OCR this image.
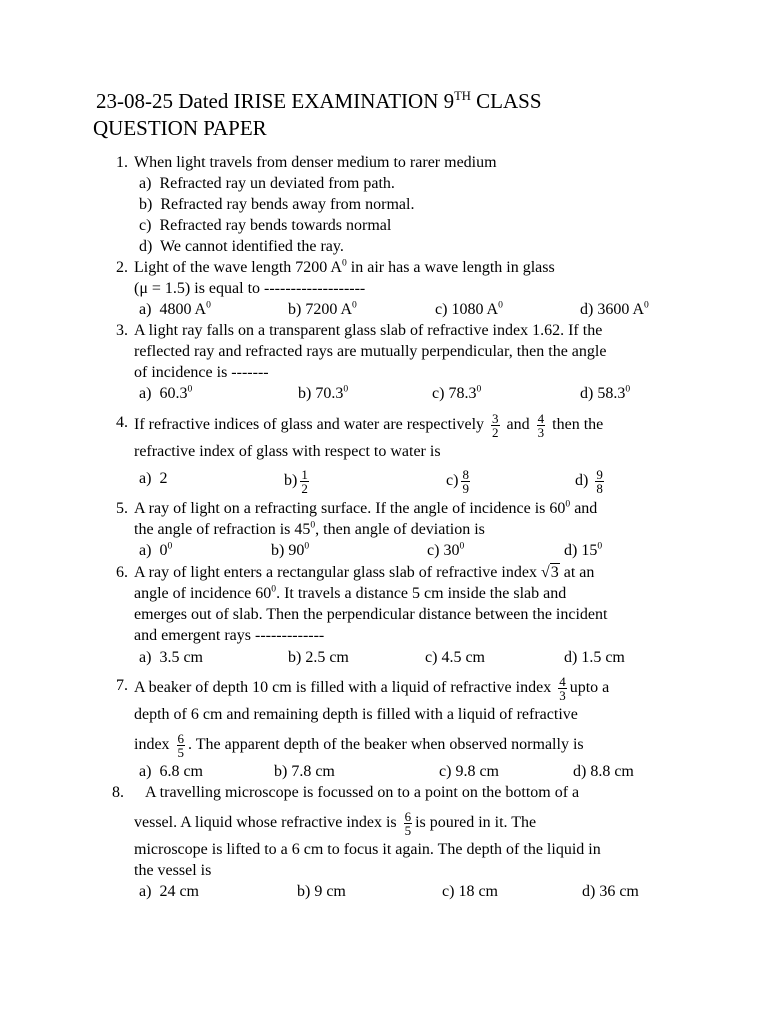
23-08-25 Dated IRISE EXAMINATION 9TH CLASS
QUESTION PAPER
1. When light travels from denser medium to rarer medium
a) Refracted ray un deviated from path.
b) Refracted ray bends away from normal.
c) Refracted ray bends towards normal
d) We cannot identified the ray.
2. Light of the wave length 7200 $A^0$ in air has a wave length in glass
(μ = 1.5) is equal to -------------------
a) 4800 $A^0$	b) 7200 $A^0$	c) 1080 $A^0$	d) 3600 $A^0$
3. A light ray falls on a transparent glass slab of refractive index 1.62. If the
reflected ray and refracted rays are mutually perpendicular, then the angle
of incidence is -------
a) 60.3$^0$	b) 70.3$^0$	c) 78.3$^0$	d) 58.3$^0$
4. If refractive indices of glass and water are respectively $\frac{3}{2}$ and $\frac{4}{3}$ then the
refractive index of glass with respect to water is
a) 2	$b) \frac{1}{2}$	$c) \frac{8}{9}$	$d) \frac{9}{8}$
5. A ray of light on a refracting surface. If the angle of incidence is $60^0$ and
the angle of refraction is $45^0$, then angle of deviation is
a) $0^0$	b) $90^0$	c) $30^0$	d) $15^0$
6. A ray of light enters a rectangular glass slab of refractive index √3 at an
angle of incidence $60^0$. It travels a distance 5 cm inside the slab and
emerges out of slab. Then the perpendicular distance between the incident
and emergent rays -------------
a) 3.5 cm	b) 2.5 cm	c) 4.5 cm	d) 1.5 cm
7. A beaker of depth 10 cm is filled with a liquid of refractive index $\frac{4}{3}$ upto a
depth of 6 cm and remaining depth is filled with a liquid of refractive
index $\frac{6}{5}$ . The apparent depth of the beaker when observed normally is
a) 6.8 cm	b) 7.8 cm	c) 9.8 cm	d) 8.8 cm
8. A travelling microscope is focussed on to a point on the bottom of a
vessel. A liquid whose refractive index is $\frac{6}{5}$ is poured in it. The
microscope is lifted to a 6 cm to focus it again. The depth of the liquid in
the vessel is
a) 24 cm	b) 9 cm	c) 18 cm	d) 36 cm
